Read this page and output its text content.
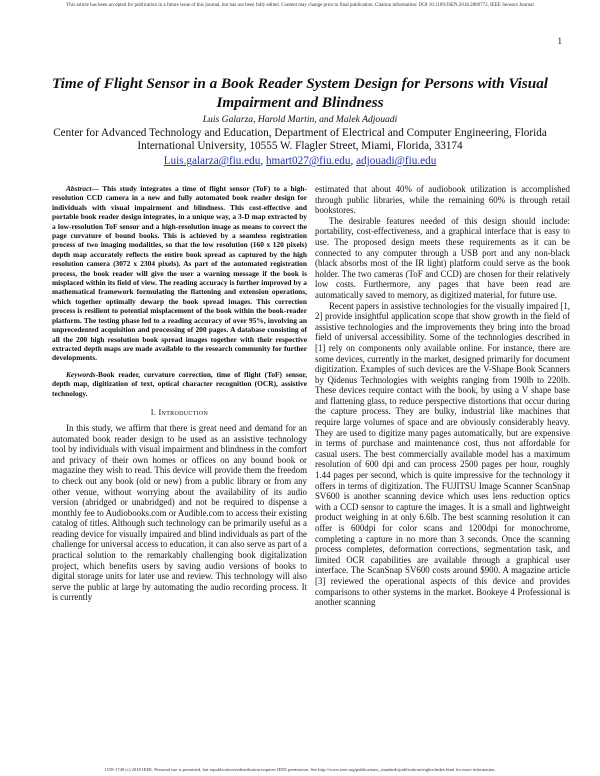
This article has been accepted for publication in a future issue of this journal, but has not been fully edited. Content may change prior to final publication. Citation information: DOI 10.1109/JSEN.2018.2869772, IEEE Sensors Journal
1
Time of Flight Sensor in a Book Reader System Design for Persons with Visual Impairment and Blindness
Luis Galarza, Harold Martin, and Malek Adjouadi
Center for Advanced Technology and Education, Department of Electrical and Computer Engineering, Florida International University, 10555 W. Flagler Street, Miami, Florida, 33174
Luis.galarza@fiu.edu, hmart027@fiu.edu, adjouadi@fiu.edu

Abstract— This study integrates a time of flight sensor (ToF) to a high-resolution CCD camera in a new and fully automated book reader design for individuals with visual impairment and blindness. This cost-effective and portable book reader design integrates, in a unique way, a 3-D map extracted by a low-resolution ToF sensor and a high-resolution image as means to correct the page curvature of bound books. This is achieved by a seamless registration process of two imaging modalities, so that the low resolution (160 x 120 pixels) depth map accurately reflects the entire book spread as captured by the high resolution camera (3072 x 2304 pixels). As part of the automated registration process, the book reader will give the user a warning message if the book is misplaced within its field of view. The reading accuracy is further improved by a mathematical framework formulating the flattening and extension operations, which together optimally dewarp the book spread images. This correction process is resilient to potential misplacement of the book within the book-reader platform. The testing phase led to a reading accuracy of over 95%, involving an unprecedented acquisition and processing of 200 pages. A database consisting of all the 200 high resolution book spread images together with their respective extracted depth maps are made available to the research community for further developments.

Keywords-Book reader, curvature correction, time of flight (ToF) sensor, depth map, digitization of text, optical character recognition (OCR), assistive technology.

I. Introduction

In this study, we affirm that there is great need and demand for an automated book reader design to be used as an assistive technology tool by individuals with visual impairment and blindness in the comfort and privacy of their own homes or offices on any bound book or magazine they wish to read. This device will provide them the freedom to check out any book (old or new) from a public library or from any other venue, without worrying about the availability of its audio version (abridged or unabridged) and not be required to dispense a monthly fee to Audiobooks.com or Audible.com to access their existing catalog of titles. Although such technology can be primarily useful as a reading device for visually impaired and blind individuals as part of the challenge for universal access to education, it can also serve as part of a practical solution to the remarkably challenging book digitalization project, which benefits users by saving audio versions of books to digital storage units for later use and review. This technology will also serve the public at large by automating the audio recording process. It is currently

estimated that about 40% of audiobook utilization is accomplished through public libraries, while the remaining 60% is through retail bookstores.

The desirable features needed of this design should include: portability, cost-effectiveness, and a graphical interface that is easy to use. The proposed design meets these requirements as it can be connected to any computer through a USB port and any non-black (black absorbs most of the IR light) platform could serve as the book holder. The two cameras (ToF and CCD) are chosen for their relatively low costs. Furthermore, any pages that have been read are automatically saved to memory, as digitized material, for future use.

Recent papers in assistive technologies for the visually impaired [1, 2] provide insightful application scope that show growth in the field of assistive technologies and the improvements they bring into the broad field of universal accessibility. Some of the technologies described in [1] rely on components only available online. For instance, there are some devices, currently in the market, designed primarily for document digitization. Examples of such devices are the V-Shape Book Scanners by Qidenus Technologies with weights ranging from 190lb to 220lb. These devices require contact with the book, by using a V shape base and flattening glass, to reduce perspective distortions that occur during the capture process. They are bulky, industrial like machines that require large volumes of space and are obviously considerably heavy. They are used to digitize many pages automatically, but are expensive in terms of purchase and maintenance cost, thus not affordable for casual users. The best commercially available model has a maximum resolution of 600 dpi and can process 2500 pages per hour, roughly 1.44 pages per second, which is quite impressive for the technology it offers in terms of digitization. The FUJITSU Image Scanner ScanSnap SV600 is another scanning device which uses lens reduction optics with a CCD sensor to capture the images. It is a small and lightweight product weighing in at only 6.6lb. The best scanning resolution it can offer is 600dpi for color scans and 1200dpi for monochrome, completing a capture in no more than 3 seconds. Once the scanning process completes, deformation corrections, segmentation task, and limited OCR capabilities are available through a graphical user interface. The ScanSnap SV600 costs around $900. A magazine article [3] reviewed the operational aspects of this device and provides comparisons to other systems in the market. Bookeye 4 Professional is another scanning

1558-1748 (c) 2018 IEEE. Personal use is permitted, but republication/redistribution requires IEEE permission. See http://www.ieee.org/publications_standards/publications/rights/index.html for more information.
